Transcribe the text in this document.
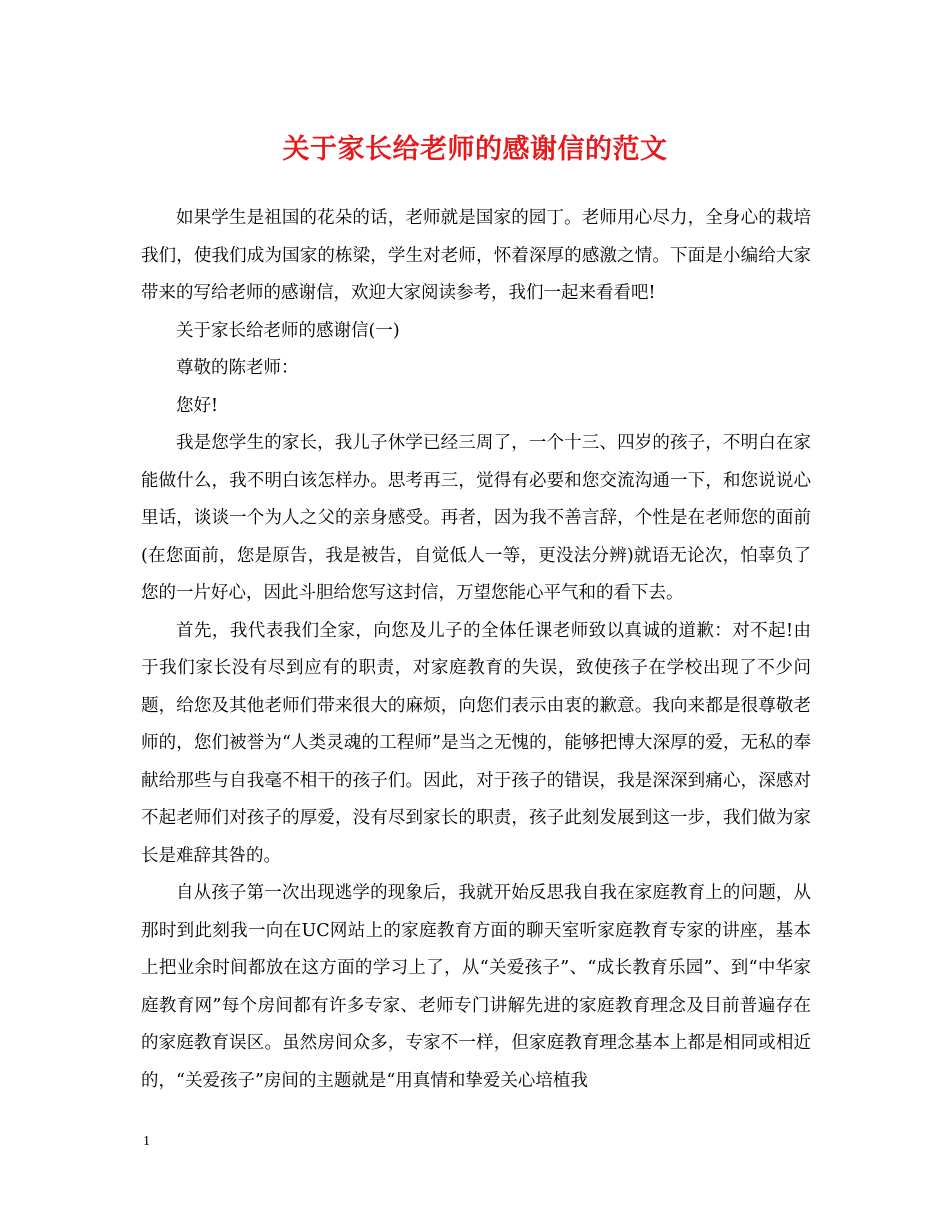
关于家长给老师的感谢信的范文

如果学生是祖国的花朵的话，老师就是国家的园丁。老师用心尽力，全身心的栽培我们，使我们成为国家的栋梁，学生对老师，怀着深厚的感激之情。下面是小编给大家带来的写给老师的感谢信，欢迎大家阅读参考，我们一起来看看吧!

关于家长给老师的感谢信(一)

尊敬的陈老师：

您好!

我是您学生的家长，我儿子休学已经三周了，一个十三、四岁的孩子，不明白在家能做什么，我不明白该怎样办。思考再三，觉得有必要和您交流沟通一下，和您说说心里话，谈谈一个为人之父的亲身感受。再者，因为我不善言辞，个性是在老师您的面前(在您面前，您是原告，我是被告，自觉低人一等，更没法分辨)就语无论次，怕辜负了您的一片好心，因此斗胆给您写这封信，万望您能心平气和的看下去。

首先，我代表我们全家，向您及儿子的全体任课老师致以真诚的道歉：对不起!由于我们家长没有尽到应有的职责，对家庭教育的失误，致使孩子在学校出现了不少问题，给您及其他老师们带来很大的麻烦，向您们表示由衷的歉意。我向来都是很尊敬老师的，您们被誉为“人类灵魂的工程师”是当之无愧的，能够把博大深厚的爱，无私的奉献给那些与自我毫不相干的孩子们。因此，对于孩子的错误，我是深深到痛心，深感对不起老师们对孩子的厚爱，没有尽到家长的职责，孩子此刻发展到这一步，我们做为家长是难辞其咎的。

自从孩子第一次出现逃学的现象后，我就开始反思我自我在家庭教育上的问题，从那时到此刻我一向在UC网站上的家庭教育方面的聊天室听家庭教育专家的讲座，基本上把业余时间都放在这方面的学习上了，从“关爱孩子”、“成长教育乐园”、到“中华家庭教育网”每个房间都有许多专家、老师专门讲解先进的家庭教育理念及目前普遍存在的家庭教育误区。虽然房间众多，专家不一样，但家庭教育理念基本上都是相同或相近的，“关爱孩子”房间的主题就是“用真情和挚爱关心培植我

1
